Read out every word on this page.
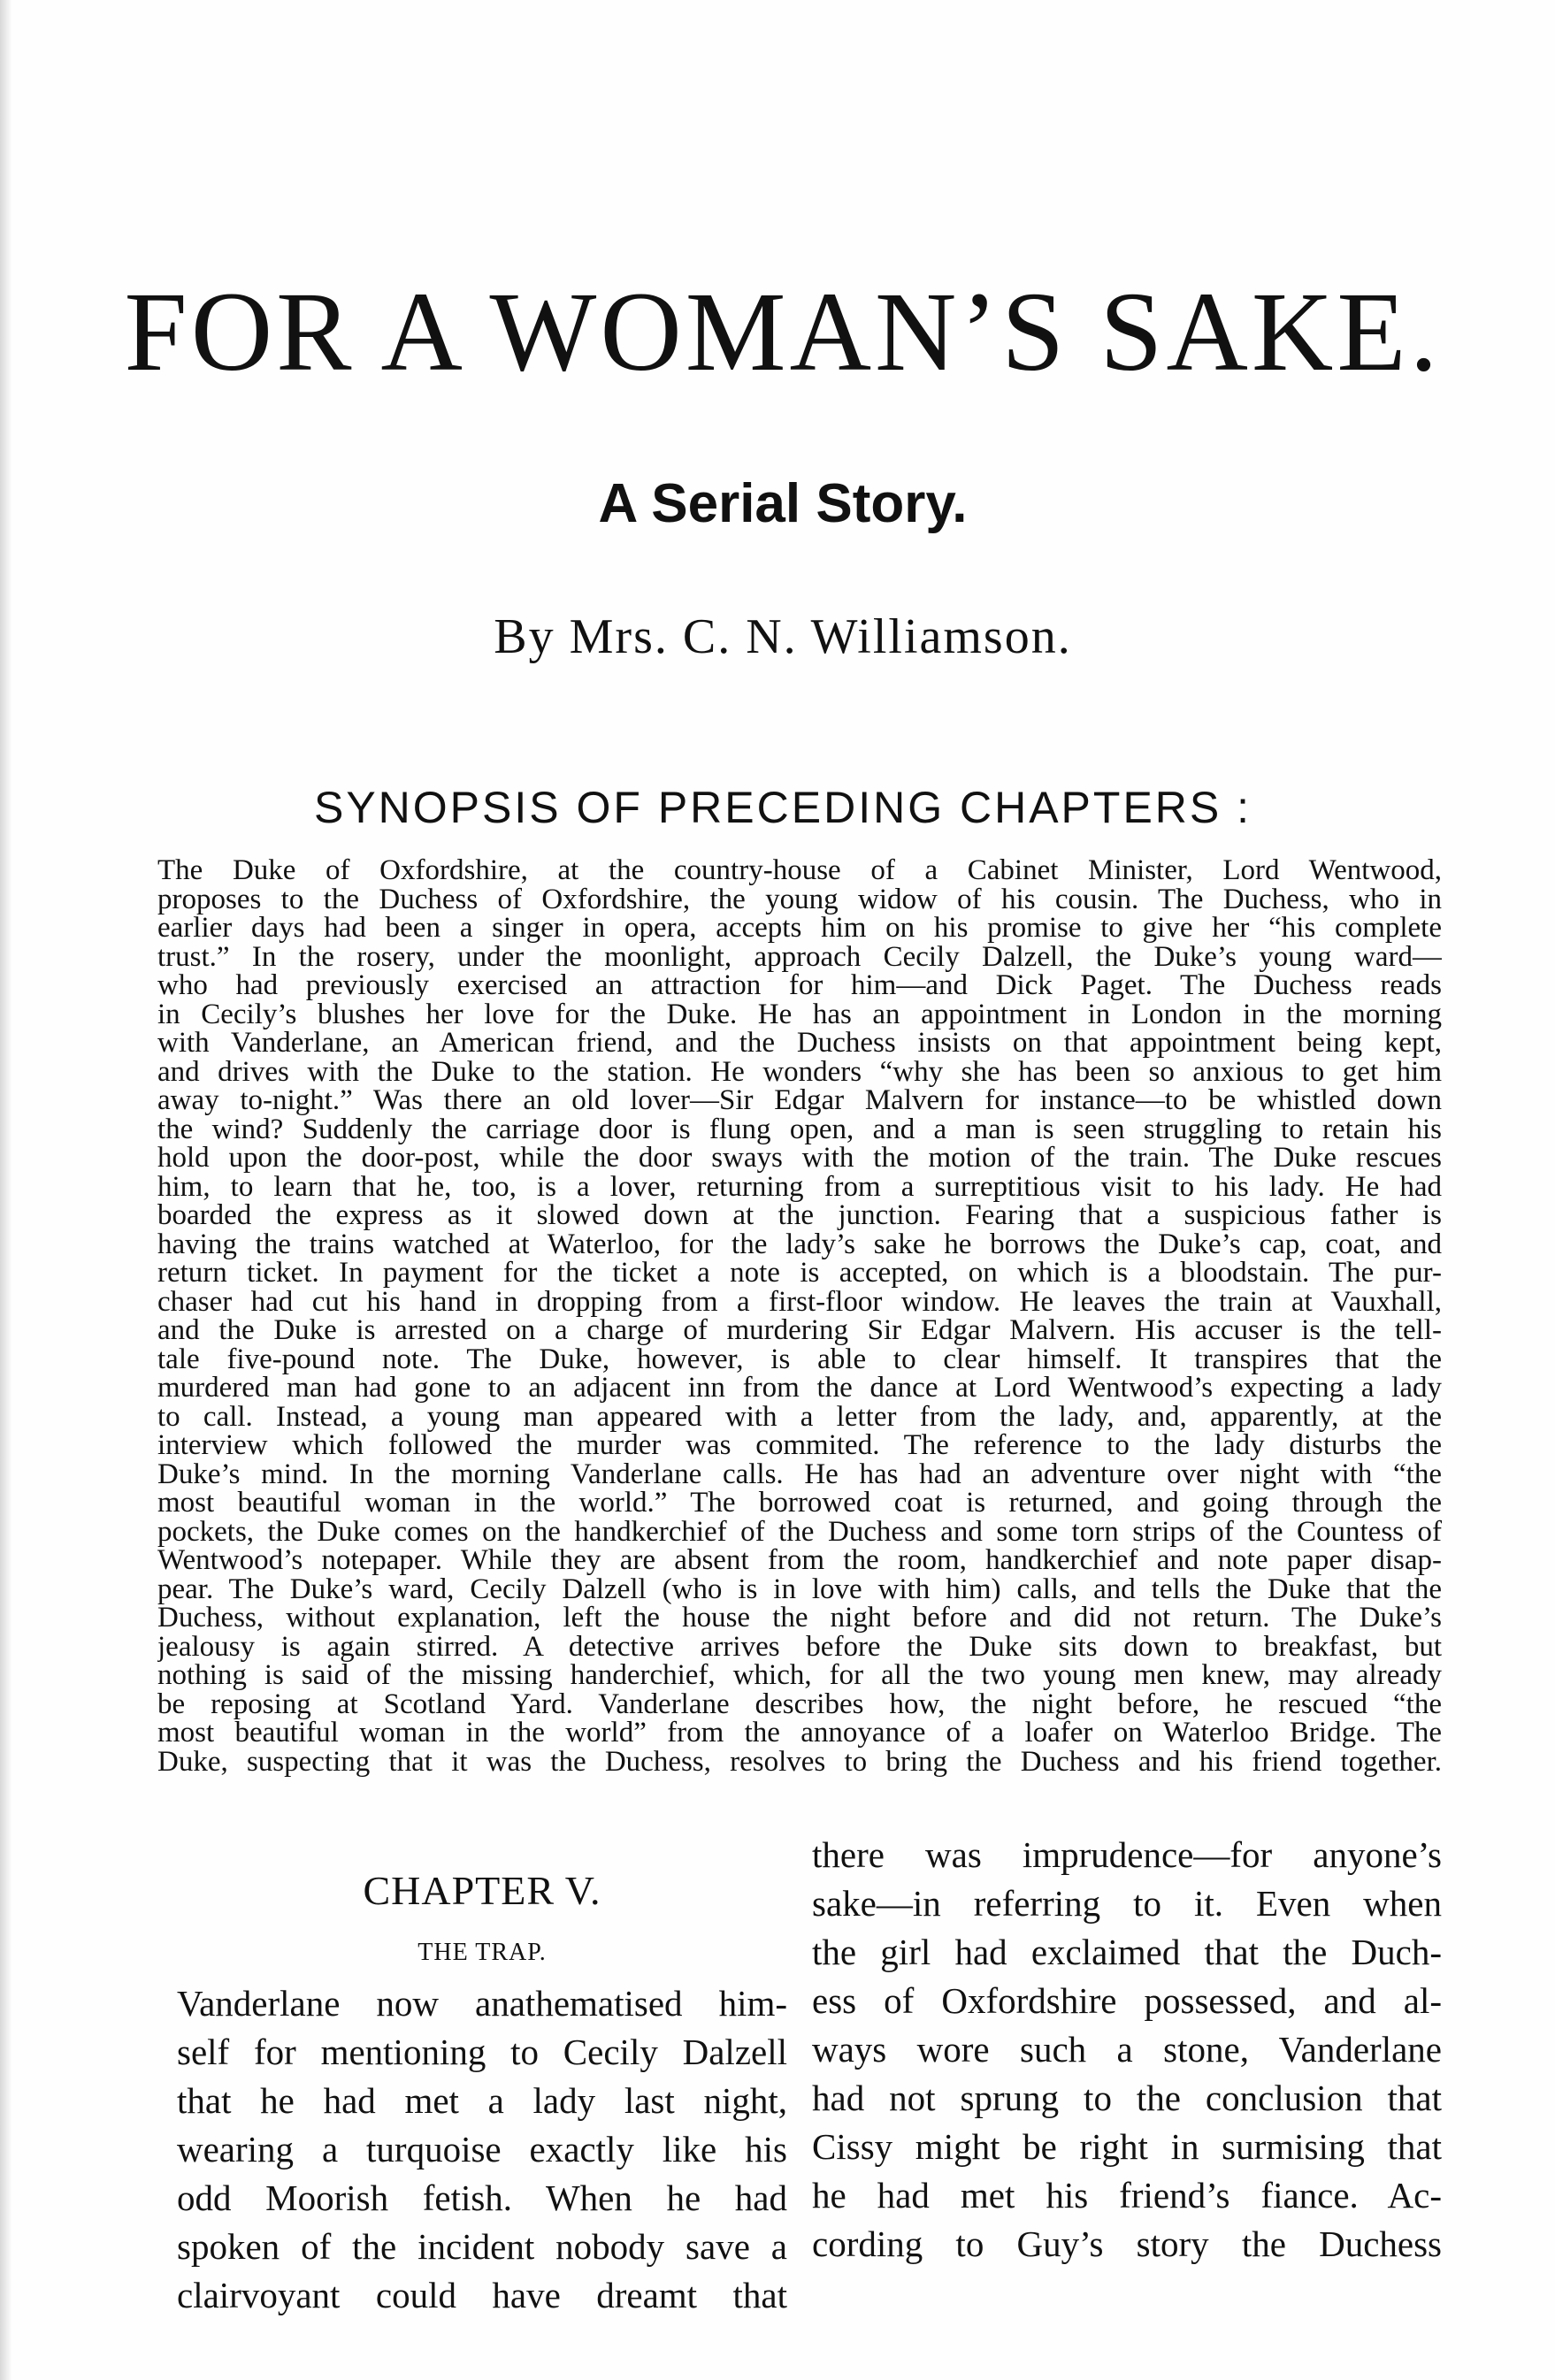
FOR A WOMAN’S SAKE.
A Serial Story.
By Mrs. C. N. Williamson.
SYNOPSIS OF PRECEDING CHAPTERS :
The Duke of Oxfordshire, at the country-house of a Cabinet Minister, Lord Wentwood,
proposes to the Duchess of Oxfordshire, the young widow of his cousin. The Duchess, who in
earlier days had been a singer in opera, accepts him on his promise to give her “his complete
trust.” In the rosery, under the moonlight, approach Cecily Dalzell, the Duke’s young ward—
who had previously exercised an attraction for him—and Dick Paget. The Duchess reads
in Cecily’s blushes her love for the Duke. He has an appointment in London in the morning
with Vanderlane, an American friend, and the Duchess insists on that appointment being kept,
and drives with the Duke to the station. He wonders “why she has been so anxious to get him
away to-night.” Was there an old lover—Sir Edgar Malvern for instance—to be whistled down
the wind? Suddenly the carriage door is flung open, and a man is seen struggling to retain his
hold upon the door-post, while the door sways with the motion of the train. The Duke rescues
him, to learn that he, too, is a lover, returning from a surreptitious visit to his lady. He had
boarded the express as it slowed down at the junction. Fearing that a suspicious father is
having the trains watched at Waterloo, for the lady’s sake he borrows the Duke’s cap, coat, and
return ticket. In payment for the ticket a note is accepted, on which is a bloodstain. The pur-
chaser had cut his hand in dropping from a first-floor window. He leaves the train at Vauxhall,
and the Duke is arrested on a charge of murdering Sir Edgar Malvern. His accuser is the tell-
tale five-pound note. The Duke, however, is able to clear himself. It transpires that the
murdered man had gone to an adjacent inn from the dance at Lord Wentwood’s expecting a lady
to call. Instead, a young man appeared with a letter from the lady, and, apparently, at the
interview which followed the murder was commited. The reference to the lady disturbs the
Duke’s mind. In the morning Vanderlane calls. He has had an adventure over night with “the
most beautiful woman in the world.” The borrowed coat is returned, and going through the
pockets, the Duke comes on the handkerchief of the Duchess and some torn strips of the Countess of
Wentwood’s notepaper. While they are absent from the room, handkerchief and note paper disap-
pear. The Duke’s ward, Cecily Dalzell (who is in love with him) calls, and tells the Duke that the
Duchess, without explanation, left the house the night before and did not return. The Duke’s
jealousy is again stirred. A detective arrives before the Duke sits down to breakfast, but
nothing is said of the missing handerchief, which, for all the two young men knew, may already
be reposing at Scotland Yard. Vanderlane describes how, the night before, he rescued “the
most beautiful woman in the world” from the annoyance of a loafer on Waterloo Bridge. The
Duke, suspecting that it was the Duchess, resolves to bring the Duchess and his friend together.
CHAPTER V.
THE TRAP.
Vanderlane now anathematised him-
self for mentioning to Cecily Dalzell
that he had met a lady last night,
wearing a turquoise exactly like his
odd Moorish fetish. When he had
spoken of the incident nobody save a
clairvoyant could have dreamt that
there was imprudence—for anyone’s
sake—in referring to it. Even when
the girl had exclaimed that the Duch-
ess of Oxfordshire possessed, and al-
ways wore such a stone, Vanderlane
had not sprung to the conclusion that
Cissy might be right in surmising that
he had met his friend’s fiance. Ac-
cording to Guy’s story the Duchess
